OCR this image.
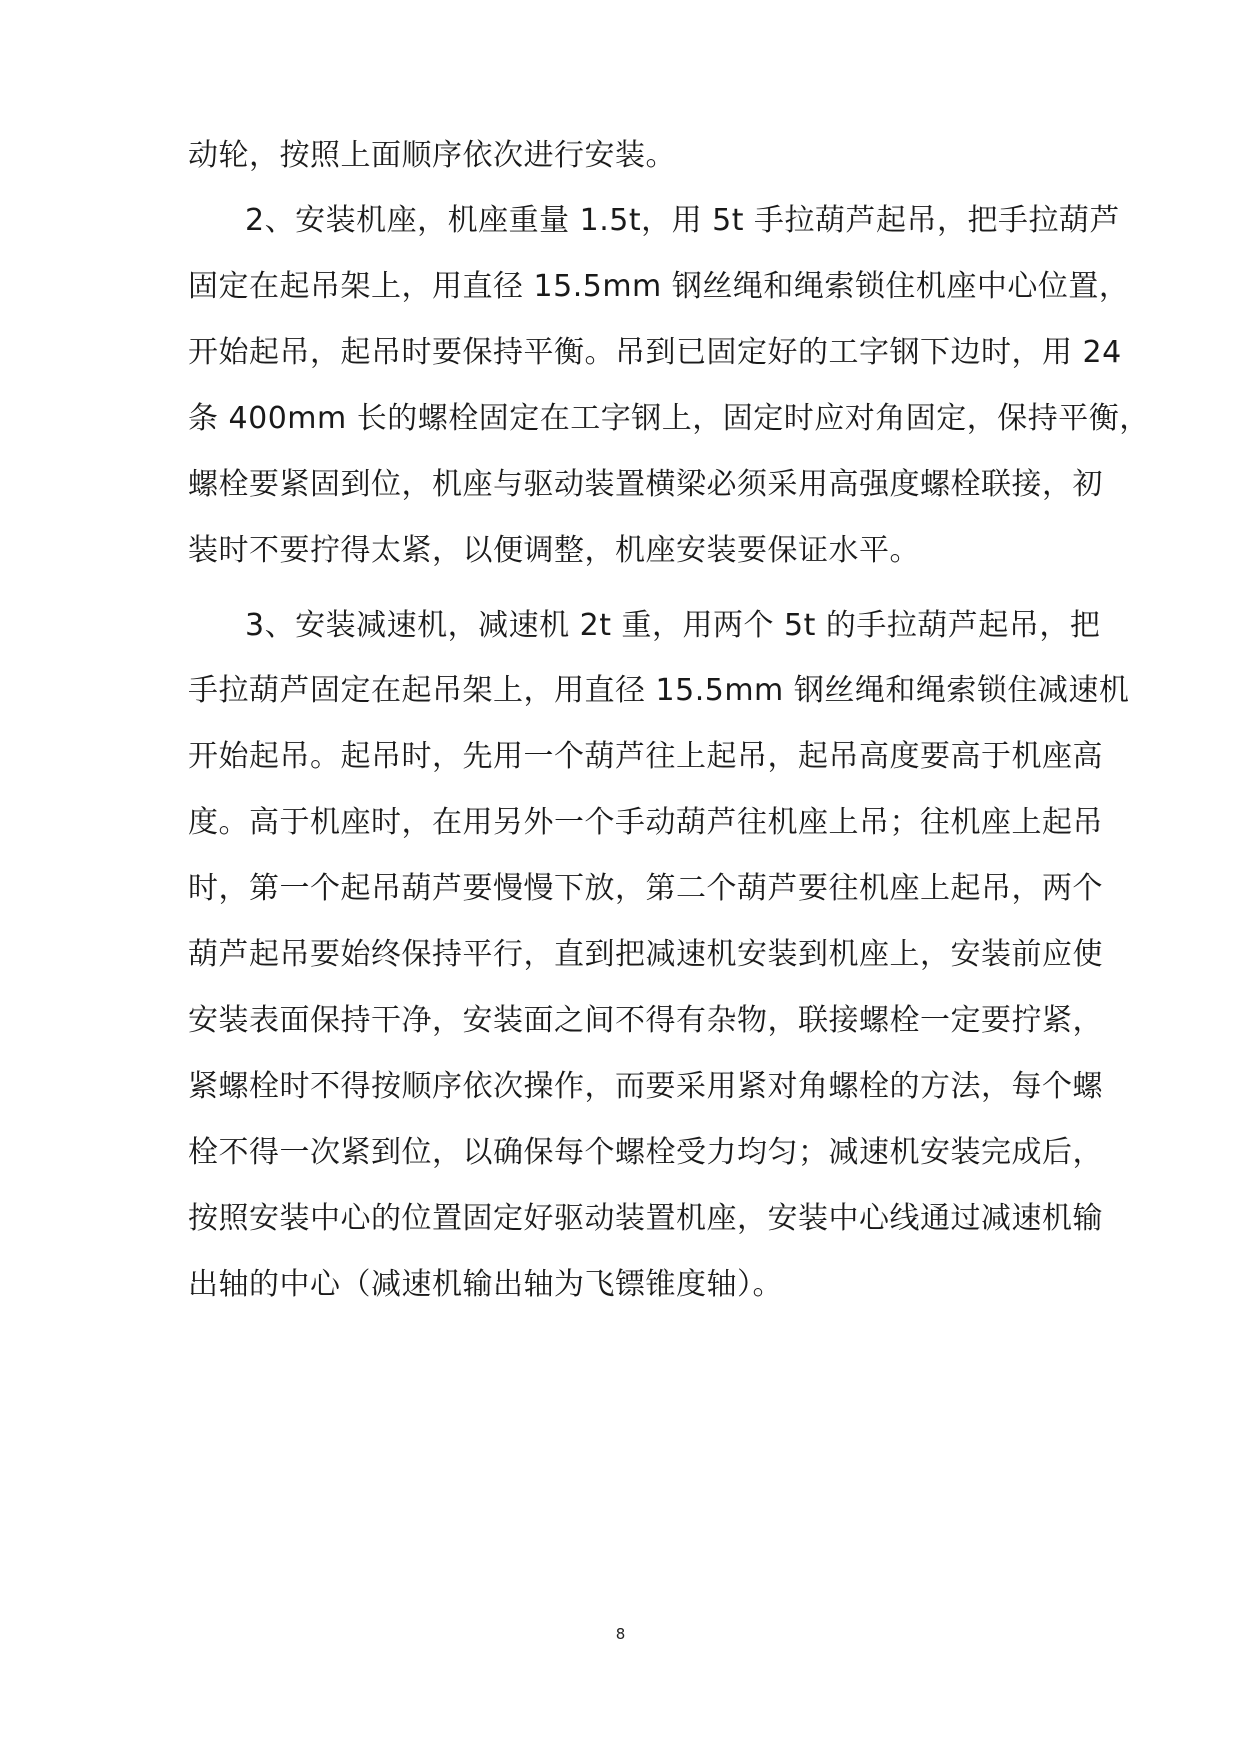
动轮，按照上面顺序依次进行安装。
2、安装机座，机座重量 1.5t，用 5t 手拉葫芦起吊，把手拉葫芦
固定在起吊架上，用直径 15.5mm 钢丝绳和绳索锁住机座中心位置，
开始起吊，起吊时要保持平衡。吊到已固定好的工字钢下边时，用 24
条 400mm 长的螺栓固定在工字钢上，固定时应对角固定，保持平衡，
螺栓要紧固到位，机座与驱动装置横梁必须采用高强度螺栓联接，初
装时不要拧得太紧，以便调整，机座安装要保证水平。
3、安装减速机，减速机 2t 重，用两个 5t 的手拉葫芦起吊，把
手拉葫芦固定在起吊架上，用直径 15.5mm 钢丝绳和绳索锁住减速机
开始起吊。起吊时，先用一个葫芦往上起吊，起吊高度要高于机座高
度。高于机座时，在用另外一个手动葫芦往机座上吊；往机座上起吊
时，第一个起吊葫芦要慢慢下放，第二个葫芦要往机座上起吊，两个
葫芦起吊要始终保持平行，直到把减速机安装到机座上，安装前应使
安装表面保持干净，安装面之间不得有杂物，联接螺栓一定要拧紧，
紧螺栓时不得按顺序依次操作，而要采用紧对角螺栓的方法，每个螺
栓不得一次紧到位，以确保每个螺栓受力均匀；减速机安装完成后，
按照安装中心的位置固定好驱动装置机座，安装中心线通过减速机输
出轴的中心（减速机输出轴为飞镖锥度轴）。
8
